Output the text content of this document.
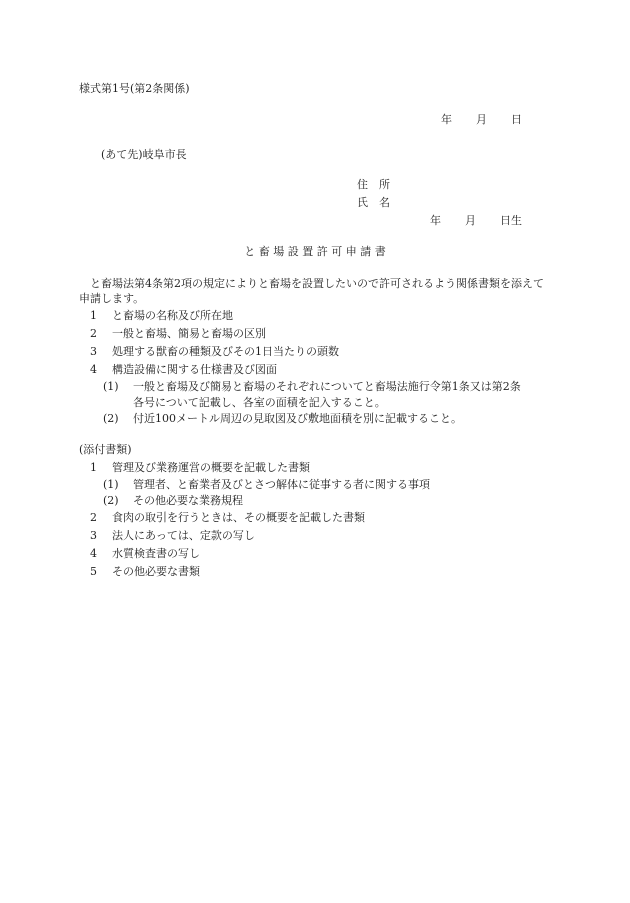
様式第1号(第2条関係)
年 月 日
(あて先)岐阜市長
住　所
氏　名
年 月 日生
と 畜 場 設 置 許 可 申 請 書
と畜場法第4条第2項の規定によりと畜場を設置したいので許可されるよう関係書類を添えて申請します。
1 と畜場の名称及び所在地
2 一般と畜場、簡易と畜場の区別
3 処理する獣畜の種類及びその1日当たりの頭数
4 構造設備に関する仕様書及び図面
(1) 一般と畜場及び簡易と畜場のそれぞれについてと畜場法施行令第1条又は第2条
各号について記載し、各室の面積を記入すること。
(2) 付近100メートル周辺の見取図及び敷地面積を別に記載すること。
(添付書類)
1 管理及び業務運営の概要を記載した書類
(1) 管理者、と畜業者及びとさつ解体に従事する者に関する事項
(2) その他必要な業務規程
2 食肉の取引を行うときは、その概要を記載した書類
3 法人にあっては、定款の写し
4 水質検査書の写し
5 その他必要な書類
